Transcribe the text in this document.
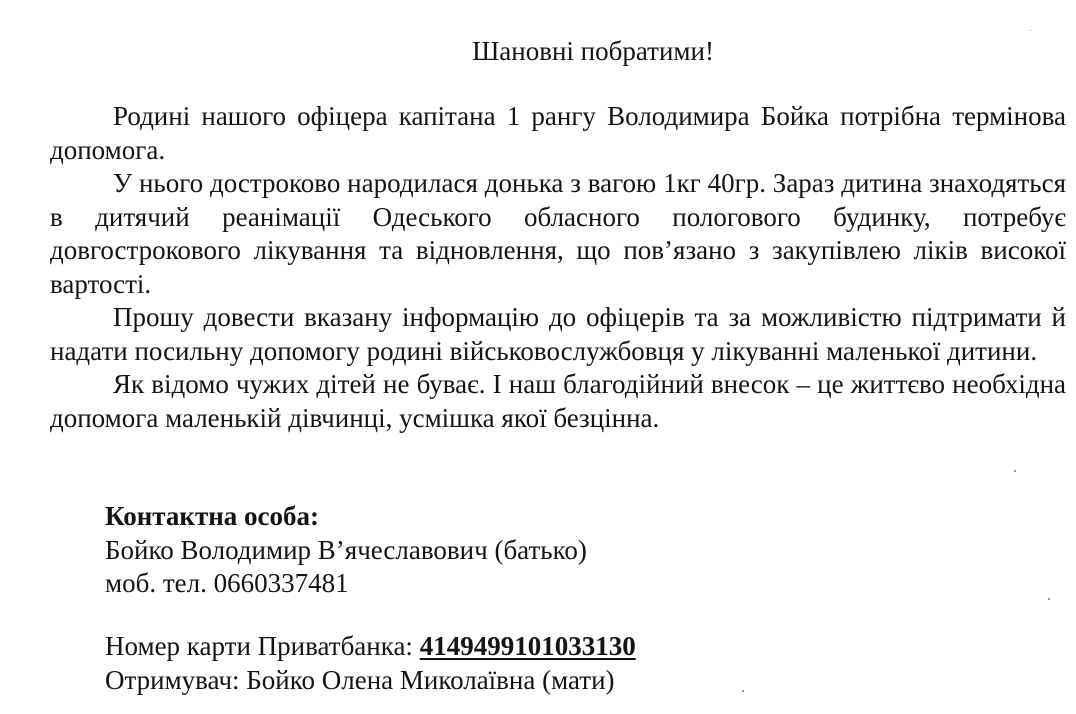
Шановні побратими!

Родині нашого офіцера капітана 1 рангу Володимира Бойка потрібна термінова допомога.

У нього достроково народилася донька з вагою 1кг 40гр. Зараз дитина знаходяться в дитячий реанімації Одеського обласного пологового будинку, потребує довгострокового лікування та відновлення, що пов’язано з закупівлею ліків високої вартості.

Прошу довести вказану інформацію до офіцерів та за можливістю підтримати й надати посильну допомогу родині військовослужбовця у лікуванні маленької дитини.

Як відомо чужих дітей не буває. І наш благодійний внесок – це життєво необхідна допомога маленькій дівчинці, усмішка якої безцінна.

Контактна особа:
Бойко Володимир В’ячеславович (батько)
моб. тел. 0660337481
Номер карти Приватбанка: 4149499101033130
Отримувач: Бойко Олена Миколаївна (мати)
